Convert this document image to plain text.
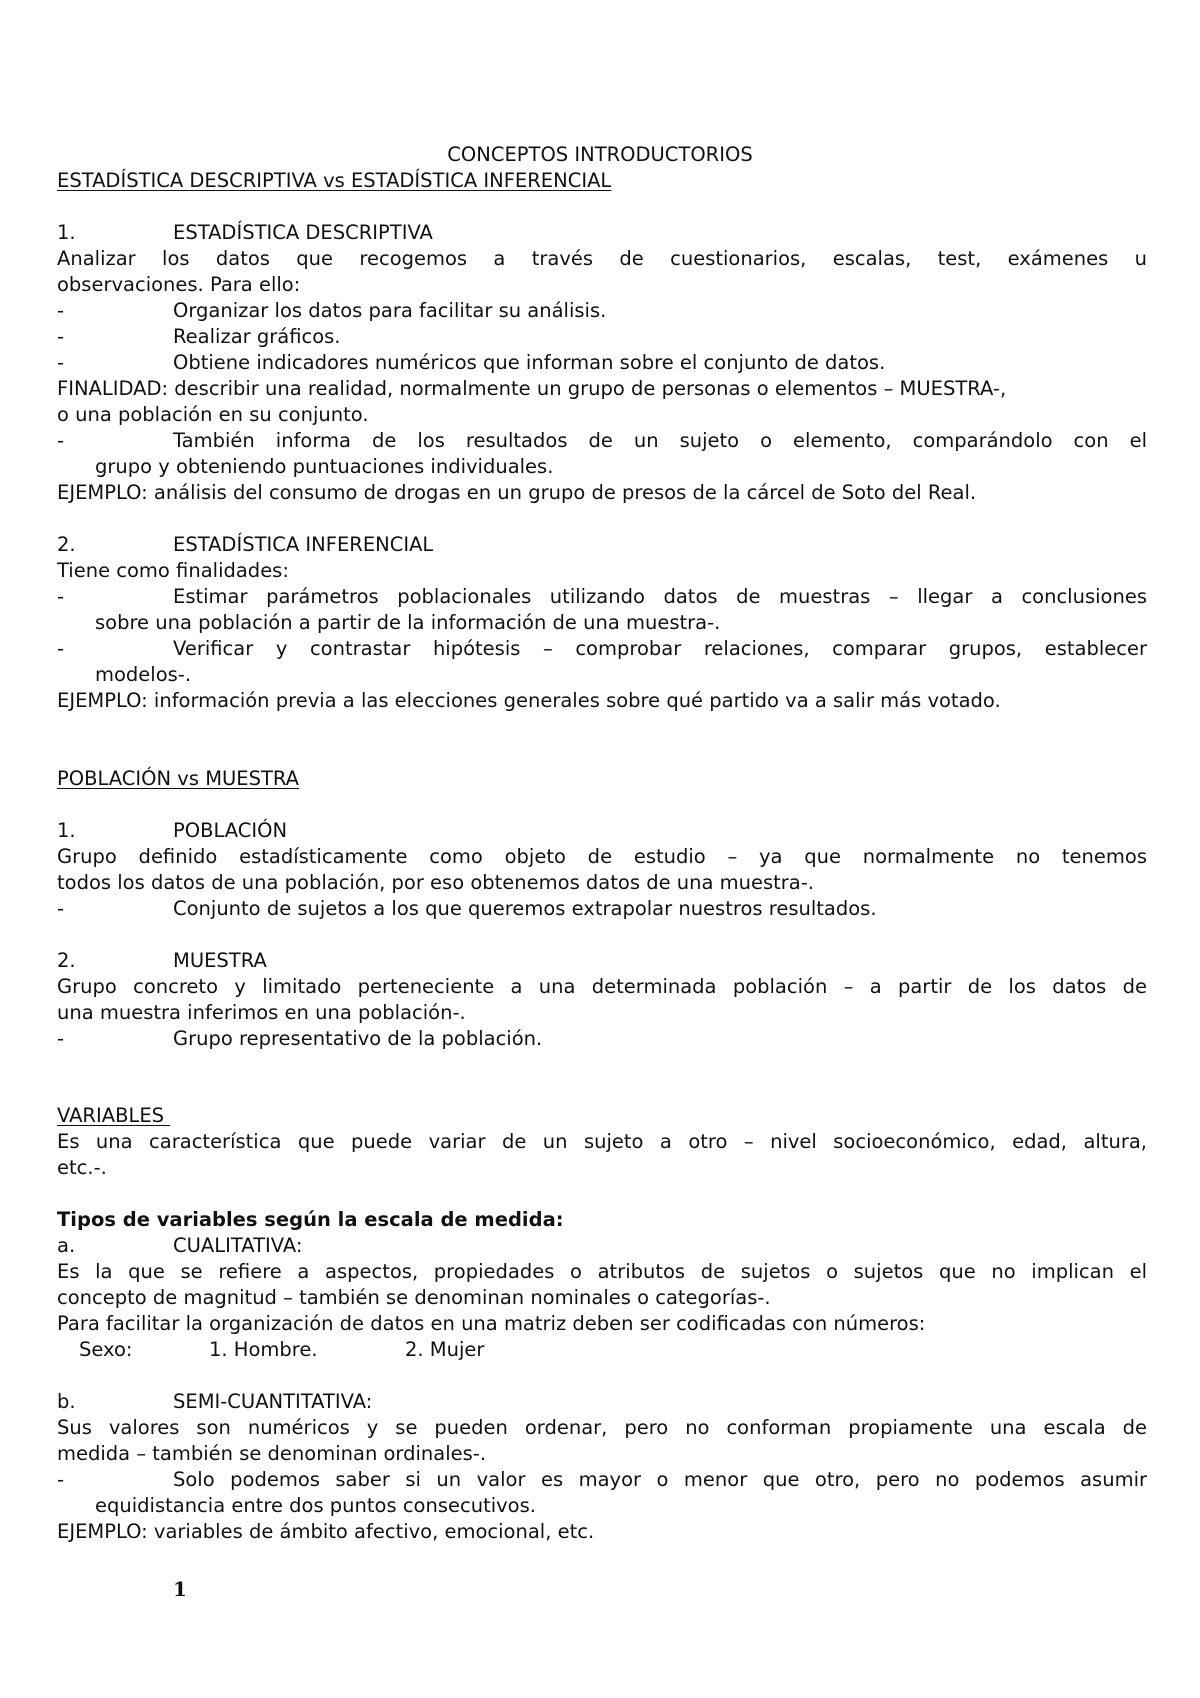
CONCEPTOS INTRODUCTORIOS
ESTADÍSTICA DESCRIPTIVA vs ESTADÍSTICA INFERENCIAL
1.	ESTADÍSTICA DESCRIPTIVA
Analizar los datos que recogemos a través de cuestionarios, escalas, test, exámenes u
observaciones. Para ello:
-	Organizar los datos para facilitar su análisis.
-	Realizar gráficos.
-	Obtiene indicadores numéricos que informan sobre el conjunto de datos.
FINALIDAD: describir una realidad, normalmente un grupo de personas o elementos – MUESTRA-,
o una población en su conjunto.
-	También informa de los resultados de un sujeto o elemento, comparándolo con el
grupo y obteniendo puntuaciones individuales.
EJEMPLO: análisis del consumo de drogas en un grupo de presos de la cárcel de Soto del Real.
2.	ESTADÍSTICA INFERENCIAL
Tiene como finalidades:
-	Estimar parámetros poblacionales utilizando datos de muestras – llegar a conclusiones
sobre una población a partir de la información de una muestra-.
-	Verificar y contrastar hipótesis – comprobar relaciones, comparar grupos, establecer
modelos-.
EJEMPLO: información previa a las elecciones generales sobre qué partido va a salir más votado.
POBLACIÓN vs MUESTRA
1.	POBLACIÓN
Grupo definido estadísticamente como objeto de estudio – ya que normalmente no tenemos
todos los datos de una población, por eso obtenemos datos de una muestra-.
-	Conjunto de sujetos a los que queremos extrapolar nuestros resultados.
2.	MUESTRA
Grupo concreto y limitado perteneciente a una determinada población – a partir de los datos de
una muestra inferimos en una población-.
-	Grupo representativo de la población.
VARIABLES
Es una característica que puede variar de un sujeto a otro – nivel socioeconómico, edad, altura,
etc.-.
Tipos de variables según la escala de medida:
a.	CUALITATIVA:
Es la que se refiere a aspectos, propiedades o atributos de sujetos o sujetos que no implican el
concepto de magnitud – también se denominan nominales o categorías-.
Para facilitar la organización de datos en una matriz deben ser codificadas con números:
Sexo:	1. Hombre.	2. Mujer
b.	SEMI-CUANTITATIVA:
Sus valores son numéricos y se pueden ordenar, pero no conforman propiamente una escala de
medida – también se denominan ordinales-.
-	Solo podemos saber si un valor es mayor o menor que otro, pero no podemos asumir
equidistancia entre dos puntos consecutivos.
EJEMPLO: variables de ámbito afectivo, emocional, etc.
1
